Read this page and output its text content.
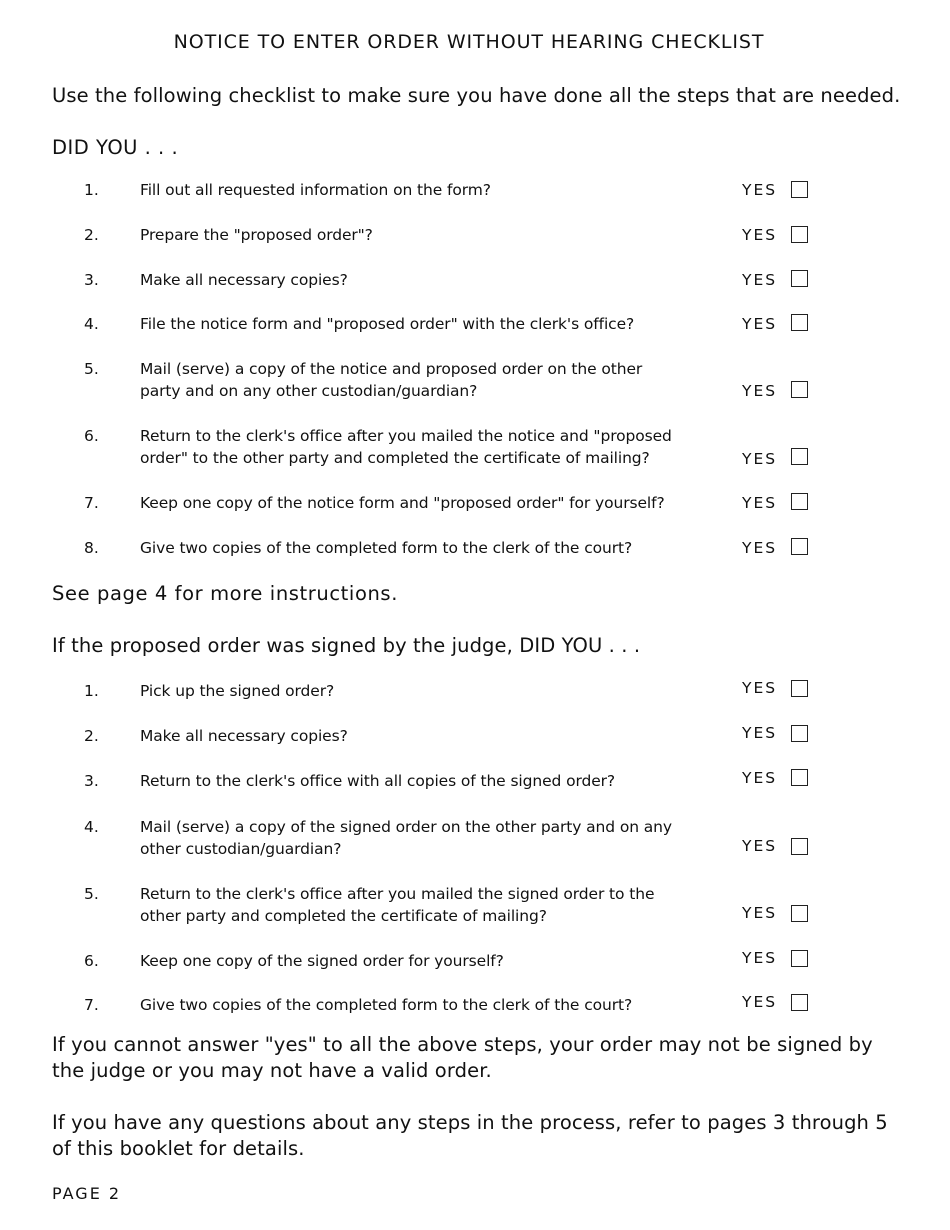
NOTICE TO ENTER ORDER WITHOUT HEARING CHECKLIST

Use the following checklist to make sure you have done all the steps that are needed.

DID YOU . . .

1.	Fill out all requested information on the form?	YES
2.	Prepare the "proposed order"?	YES
3.	Make all necessary copies?	YES
4.	File the notice form and "proposed order" with the clerk's office?	YES
5.	Mail (serve) a copy of the notice and proposed order on the other party and on any other custodian/guardian?	YES
6.	Return to the clerk's office after you mailed the notice and "proposed order" to the other party and completed the certificate of mailing?	YES
7.	Keep one copy of the notice form and "proposed order" for yourself?	YES
8.	Give two copies of the completed form to the clerk of the court?	YES

See page 4 for more instructions.

If the proposed order was signed by the judge, DID YOU . . .

1.	Pick up the signed order?	YES
2.	Make all necessary copies?	YES
3.	Return to the clerk's office with all copies of the signed order?	YES
4.	Mail (serve) a copy of the signed order on the other party and on any other custodian/guardian?	YES
5.	Return to the clerk's office after you mailed the signed order to the other party and completed the certificate of mailing?	YES
6.	Keep one copy of the signed order for yourself?	YES
7.	Give two copies of the completed form to the clerk of the court?	YES

If you cannot answer "yes" to all the above steps, your order may not be signed by the judge or you may not have a valid order.

If you have any questions about any steps in the process, refer to pages 3 through 5 of this booklet for details.

PAGE 2
